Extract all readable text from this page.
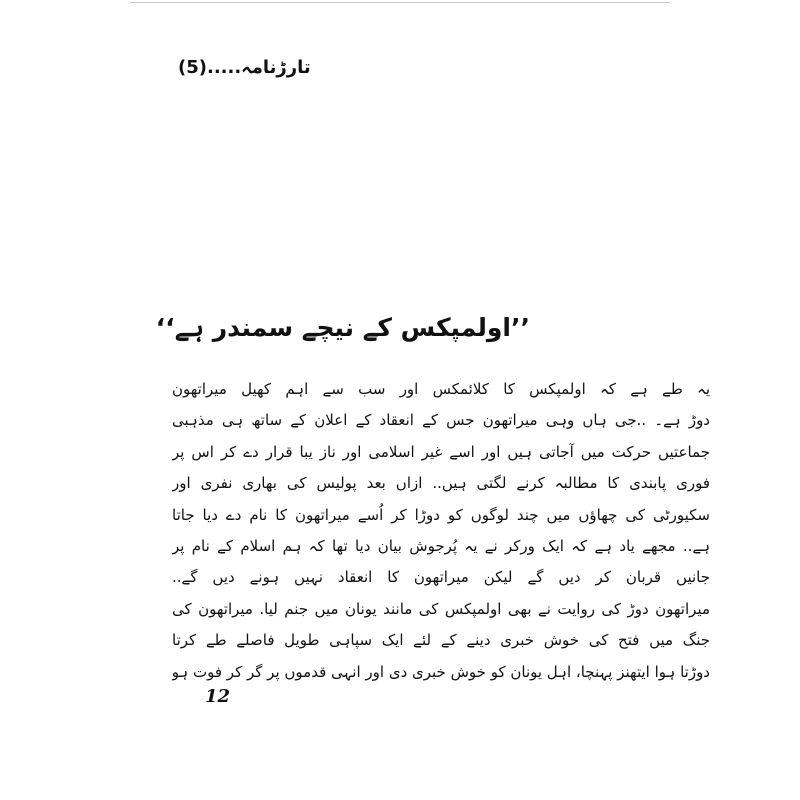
تارڑنامہ.....(5)
’’اولمپکس کے نیچے سمندر ہے‘‘
یہ طے ہے کہ اولمپکس کا کلائمکس اور سب سے اہم کھیل میراتھون
دوڑ ہے۔ ..جی ہاں وہی میراتھون جس کے انعقاد کے اعلان کے ساتھ ہی مذہبی
جماعتیں حرکت میں آجاتی ہیں اور اسے غیر اسلامی اور ناز یبا قرار دے کر اس پر
فوری پابندی کا مطالبہ کرنے لگتی ہیں.. ازاں بعد پولیس کی بھاری نفری اور
سکیورٹی کی چھاؤں میں چند لوگوں کو دوڑا کر اُسے میراتھون کا نام دے دیا جاتا
ہے.. مجھے یاد ہے کہ ایک ورکر نے یہ پُرجوش بیان دیا تھا کہ ہم اسلام کے نام پر
جانیں قربان کر دیں گے لیکن میراتھون کا انعقاد نہیں ہونے دیں گے..
میراتھون دوڑ کی روایت نے بھی اولمپکس کی مانند یونان میں جنم لیا. میراتھون کی
جنگ میں فتح کی خوش خبری دینے کے لئے ایک سپاہی طویل فاصلے طے کرتا
دوڑتا ہوا ایتھنز پہنچا، اہل یونان کو خوش خبری دی اور انہی قدموں پر گر کر فوت ہو
12
